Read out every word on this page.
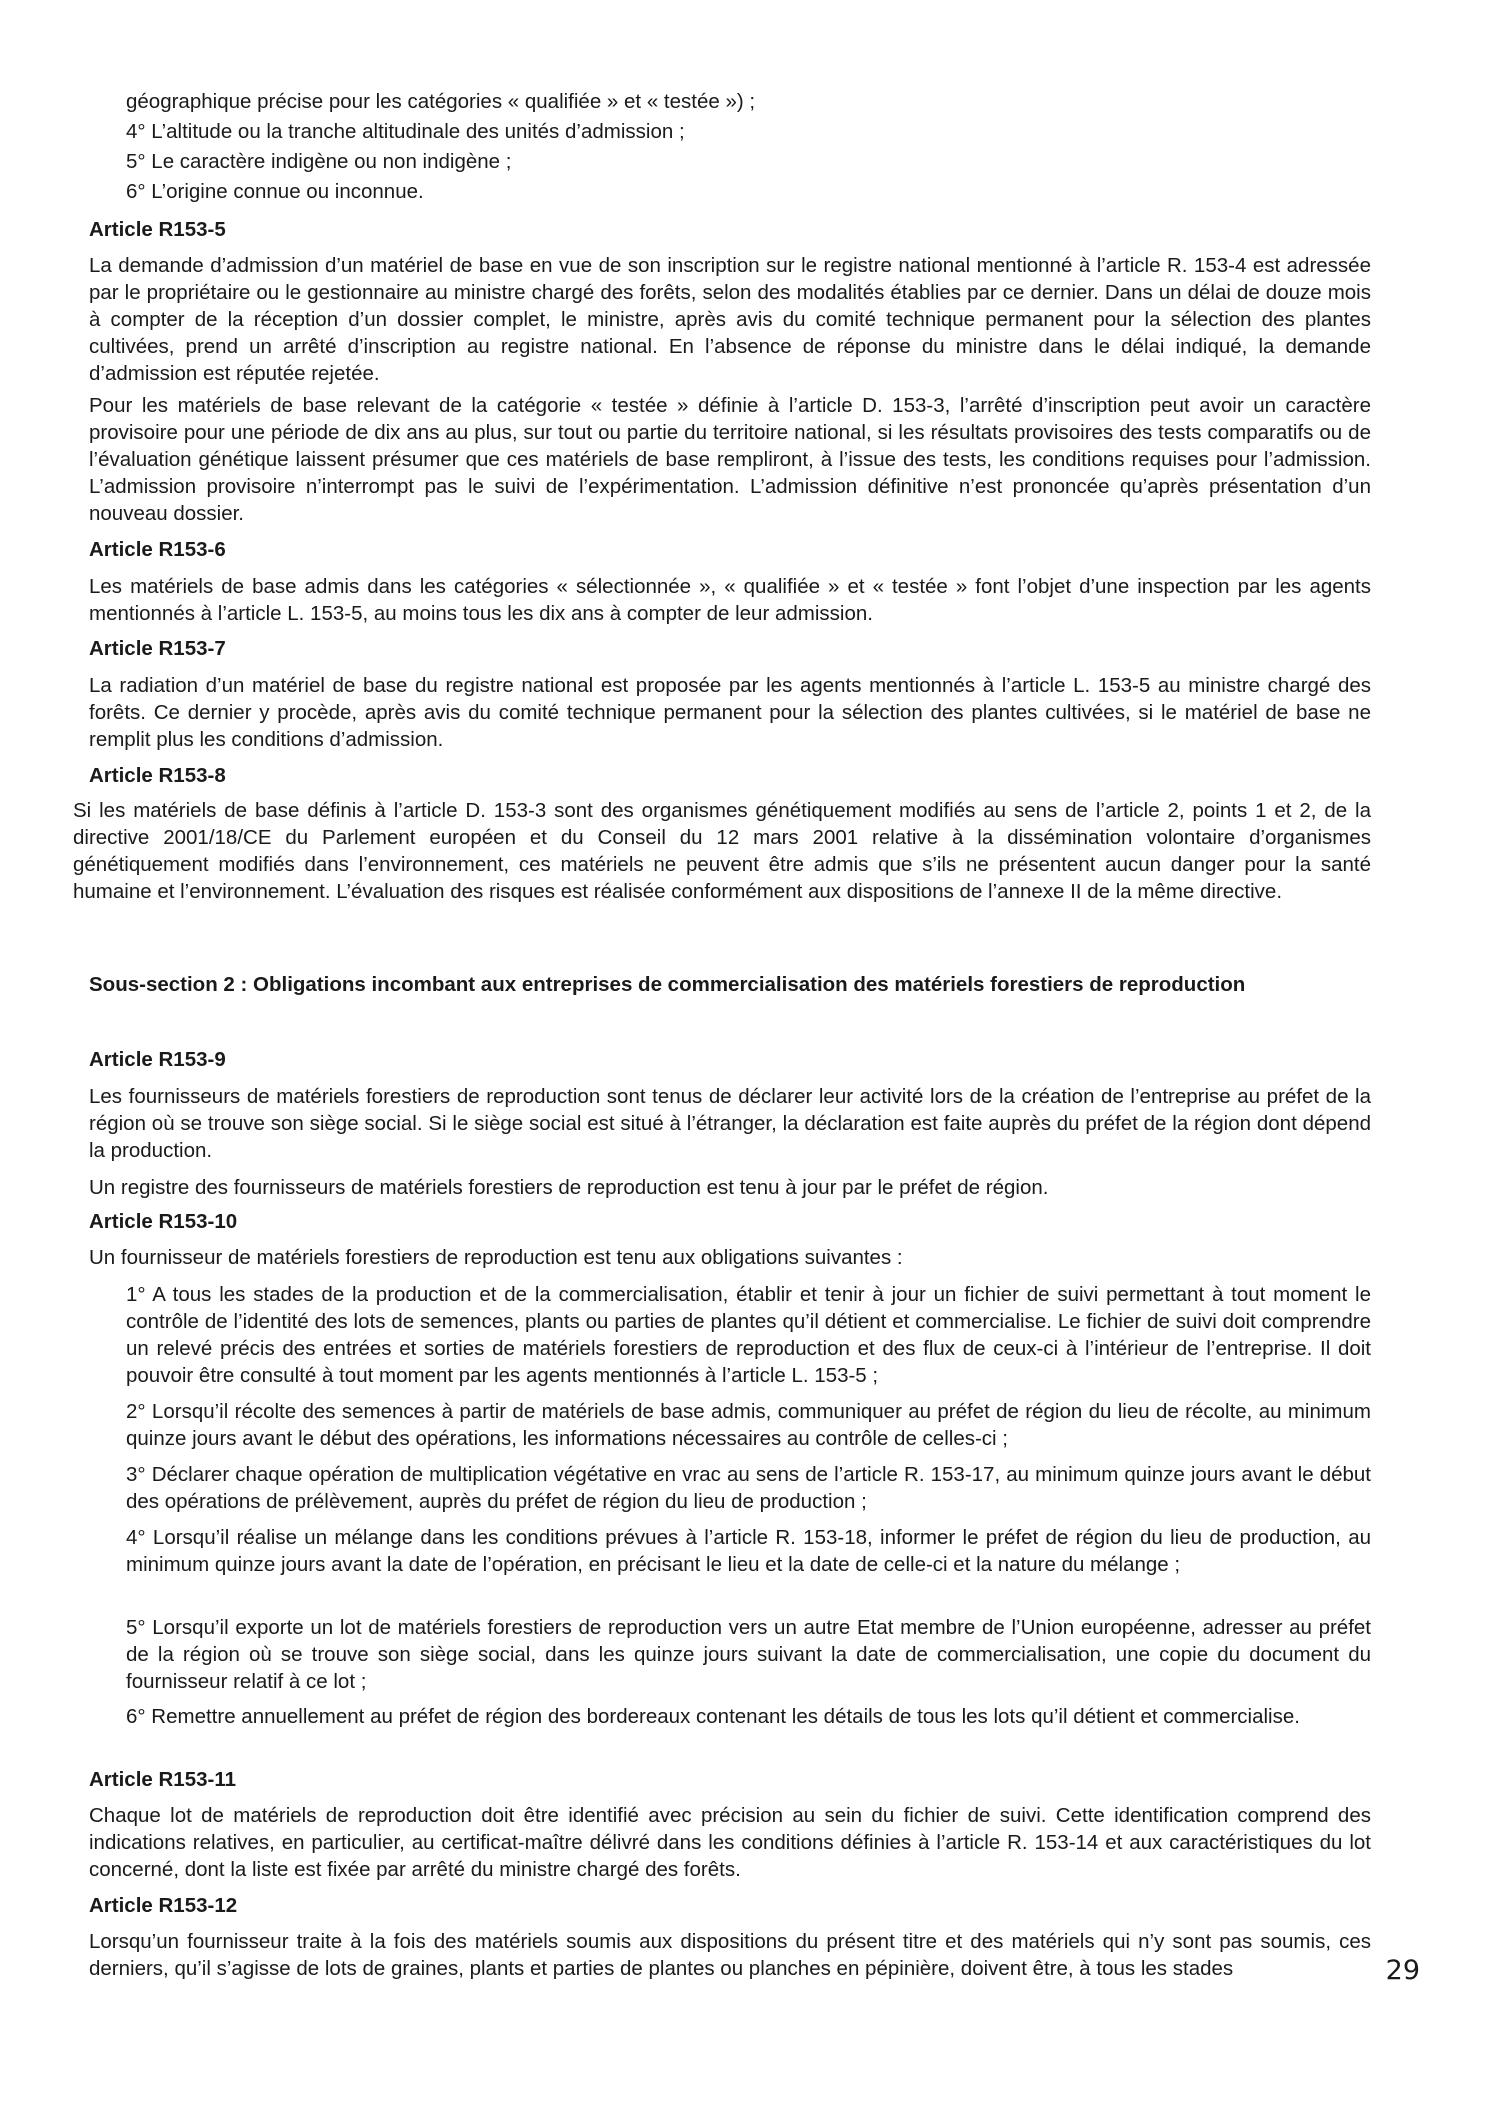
géographique précise pour les catégories « qualifiée » et « testée ») ;

4° L’altitude ou la tranche altitudinale des unités d’admission ;

5° Le caractère indigène ou non indigène ;

6° L’origine connue ou inconnue.

Article R153-5

La demande d’admission d’un matériel de base en vue de son inscription sur le registre national mentionné à l’article R. 153-4 est adressée par le propriétaire ou le gestionnaire au ministre chargé des forêts, selon des modalités établies par ce dernier. Dans un délai de douze mois à compter de la réception d’un dossier complet, le ministre, après avis du comité technique permanent pour la sélection des plantes cultivées, prend un arrêté d’inscription au registre national. En l’absence de réponse du ministre dans le délai indiqué, la demande d’admission est réputée rejetée.

Pour les matériels de base relevant de la catégorie « testée » définie à l’article D. 153-3, l’arrêté d’inscription peut avoir un caractère provisoire pour une période de dix ans au plus, sur tout ou partie du territoire national, si les résultats provisoires des tests comparatifs ou de l’évaluation génétique laissent présumer que ces matériels de base rempliront, à l’issue des tests, les conditions requises pour l’admission. L’admission provisoire n’interrompt pas le suivi de l’expérimentation. L’admission définitive n’est prononcée qu’après présentation d’un nouveau dossier.

Article R153-6

Les matériels de base admis dans les catégories « sélectionnée », « qualifiée » et « testée » font l’objet d’une inspection par les agents mentionnés à l’article L. 153-5, au moins tous les dix ans à compter de leur admission.

Article R153-7

La radiation d’un matériel de base du registre national est proposée par les agents mentionnés à l’article L. 153-5 au ministre chargé des forêts. Ce dernier y procède, après avis du comité technique permanent pour la sélection des plantes cultivées, si le matériel de base ne remplit plus les conditions d’admission.

Article R153-8

Si les matériels de base définis à l’article D. 153-3 sont des organismes génétiquement modifiés au sens de l’article 2, points 1 et 2, de la directive 2001/18/CE du Parlement européen et du Conseil du 12 mars 2001 relative à la dissémination volontaire d’organismes génétiquement modifiés dans l’environnement, ces matériels ne peuvent être admis que s’ils ne présentent aucun danger pour la santé humaine et l’environnement. L’évaluation des risques est réalisée conformément aux dispositions de l’annexe II de la même directive.

Sous-section 2 : Obligations incombant aux entreprises de commercialisation des matériels forestiers de reproduction
Article R153-9

Les fournisseurs de matériels forestiers de reproduction sont tenus de déclarer leur activité lors de la création de l’entreprise au préfet de la région où se trouve son siège social. Si le siège social est situé à l’étranger, la déclaration est faite auprès du préfet de la région dont dépend la production.

Un registre des fournisseurs de matériels forestiers de reproduction est tenu à jour par le préfet de région.

Article R153-10

Un fournisseur de matériels forestiers de reproduction est tenu aux obligations suivantes :

1° A tous les stades de la production et de la commercialisation, établir et tenir à jour un fichier de suivi permettant à tout moment le contrôle de l’identité des lots de semences, plants ou parties de plantes qu’il détient et commercialise. Le fichier de suivi doit comprendre un relevé précis des entrées et sorties de matériels forestiers de reproduction et des flux de ceux-ci à l’intérieur de l’entreprise. Il doit pouvoir être consulté à tout moment par les agents mentionnés à l’article L. 153-5 ;

2° Lorsqu’il récolte des semences à partir de matériels de base admis, communiquer au préfet de région du lieu de récolte, au minimum quinze jours avant le début des opérations, les informations nécessaires au contrôle de celles-ci ;

3° Déclarer chaque opération de multiplication végétative en vrac au sens de l’article R. 153-17, au minimum quinze jours avant le début des opérations de prélèvement, auprès du préfet de région du lieu de production ;

4° Lorsqu’il réalise un mélange dans les conditions prévues à l’article R. 153-18, informer le préfet de région du lieu de production, au minimum quinze jours avant la date de l’opération, en précisant le lieu et la date de celle-ci et la nature du mélange ;

5° Lorsqu’il exporte un lot de matériels forestiers de reproduction vers un autre Etat membre de l’Union européenne, adresser au préfet de la région où se trouve son siège social, dans les quinze jours suivant la date de commercialisation, une copie du document du fournisseur relatif à ce lot ;

6° Remettre annuellement au préfet de région des bordereaux contenant les détails de tous les lots qu’il détient et commercialise.

Article R153-11

Chaque lot de matériels de reproduction doit être identifié avec précision au sein du fichier de suivi. Cette identification comprend des indications relatives, en particulier, au certificat-maître délivré dans les conditions définies à l’article R. 153-14 et aux caractéristiques du lot concerné, dont la liste est fixée par arrêté du ministre chargé des forêts.

Article R153-12

Lorsqu’un fournisseur traite à la fois des matériels soumis aux dispositions du présent titre et des matériels qui n’y sont pas soumis, ces derniers, qu’il s’agisse de lots de graines, plants et parties de plantes ou planches en pépinière, doivent être, à tous les stades	29
